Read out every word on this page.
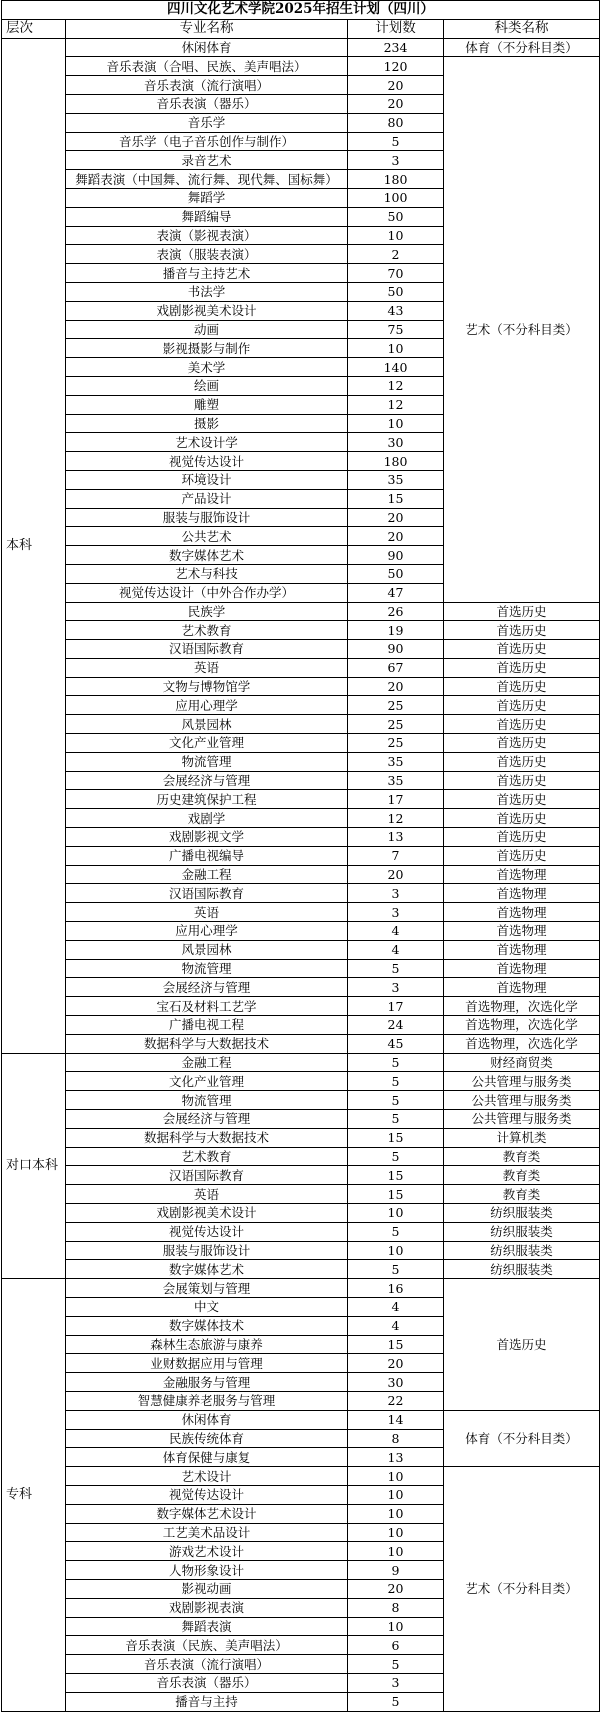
四川文化艺术学院2025年招生计划（四川）			
层次	专业名称	计划数	科类名称
本科	休闲体育	234	体育（不分科目类）
	音乐表演（合唱、民族、美声唱法）	120	艺术（不分科目类）
	音乐表演（流行演唱）	20	
	音乐表演（器乐）	20	
	音乐学	80	
	音乐学（电子音乐创作与制作）	5	
	录音艺术	3	
	舞蹈表演（中国舞、流行舞、现代舞、国标舞）	180	
	舞蹈学	100	
	舞蹈编导	50	
	表演（影视表演）	10	
	表演（服装表演）	2	
	播音与主持艺术	70	
	书法学	50	
	戏剧影视美术设计	43	
	动画	75	
	影视摄影与制作	10	
	美术学	140	
	绘画	12	
	雕塑	12	
	摄影	10	
	艺术设计学	30	
	视觉传达设计	180	
	环境设计	35	
	产品设计	15	
	服装与服饰设计	20	
	公共艺术	20	
	数字媒体艺术	90	
	艺术与科技	50	
	视觉传达设计（中外合作办学）	47	
	民族学	26	首选历史
	艺术教育	19	首选历史
	汉语国际教育	90	首选历史
	英语	67	首选历史
	文物与博物馆学	20	首选历史
	应用心理学	25	首选历史
	风景园林	25	首选历史
	文化产业管理	25	首选历史
	物流管理	35	首选历史
	会展经济与管理	35	首选历史
	历史建筑保护工程	17	首选历史
	戏剧学	12	首选历史
	戏剧影视文学	13	首选历史
	广播电视编导	7	首选历史
	金融工程	20	首选物理
	汉语国际教育	3	首选物理
	英语	3	首选物理
	应用心理学	4	首选物理
	风景园林	4	首选物理
	物流管理	5	首选物理
	会展经济与管理	3	首选物理
	宝石及材料工艺学	17	首选物理，次选化学
	广播电视工程	24	首选物理，次选化学
	数据科学与大数据技术	45	首选物理，次选化学
对口本科	金融工程	5	财经商贸类
	文化产业管理	5	公共管理与服务类
	物流管理	5	公共管理与服务类
	会展经济与管理	5	公共管理与服务类
	数据科学与大数据技术	15	计算机类
	艺术教育	5	教育类
	汉语国际教育	15	教育类
	英语	15	教育类
	戏剧影视美术设计	10	纺织服装类
	视觉传达设计	5	纺织服装类
	服装与服饰设计	10	纺织服装类
	数字媒体艺术	5	纺织服装类
专科	会展策划与管理	16	首选历史
	中文	4	
	数字媒体技术	4	
	森林生态旅游与康养	15	
	业财数据应用与管理	20	
	金融服务与管理	30	
	智慧健康养老服务与管理	22	
	休闲体育	14	体育（不分科目类）
	民族传统体育	8	
	体育保健与康复	13	
	艺术设计	10	艺术（不分科目类）
	视觉传达设计	10	
	数字媒体艺术设计	10	
	工艺美术品设计	10	
	游戏艺术设计	10	
	人物形象设计	9	
	影视动画	20	
	戏剧影视表演	8	
	舞蹈表演	10	
	音乐表演（民族、美声唱法）	6	
	音乐表演（流行演唱）	5	
	音乐表演（器乐）	3	
	播音与主持	5	
